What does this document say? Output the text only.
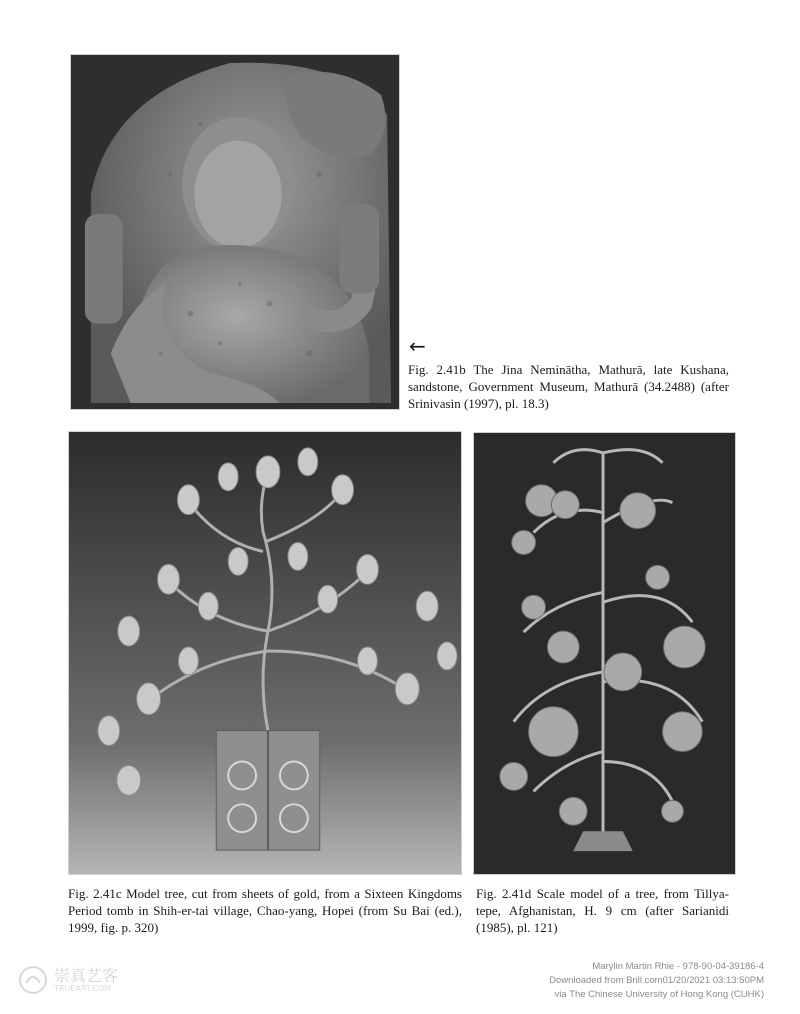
←
Fig. 2.41b The Jina Neminātha, Mathurā, late Kushana, sandstone, Government Museum, Mathurā (34.2488) (after Srinivasin (1997), pl. 18.3)
Fig. 2.41c Model tree, cut from sheets of gold, from a Sixteen Kingdoms Period tomb in Shih-er-tai village, Chao-yang, Hopei (from Su Bai (ed.), 1999, fig. p. 320)
Fig. 2.41d Scale model of a tree, from Tillya-tepe, Afghanistan, H. 9 cm (after Sarianidi (1985), pl. 121)
崇真艺客
TRUEART.COM
Marylin Martin Rhie - 978-90-04-39186-4
Downloaded from Brill.com01/20/2021 03:13:50PM
via The Chinese University of Hong Kong (CUHK)
